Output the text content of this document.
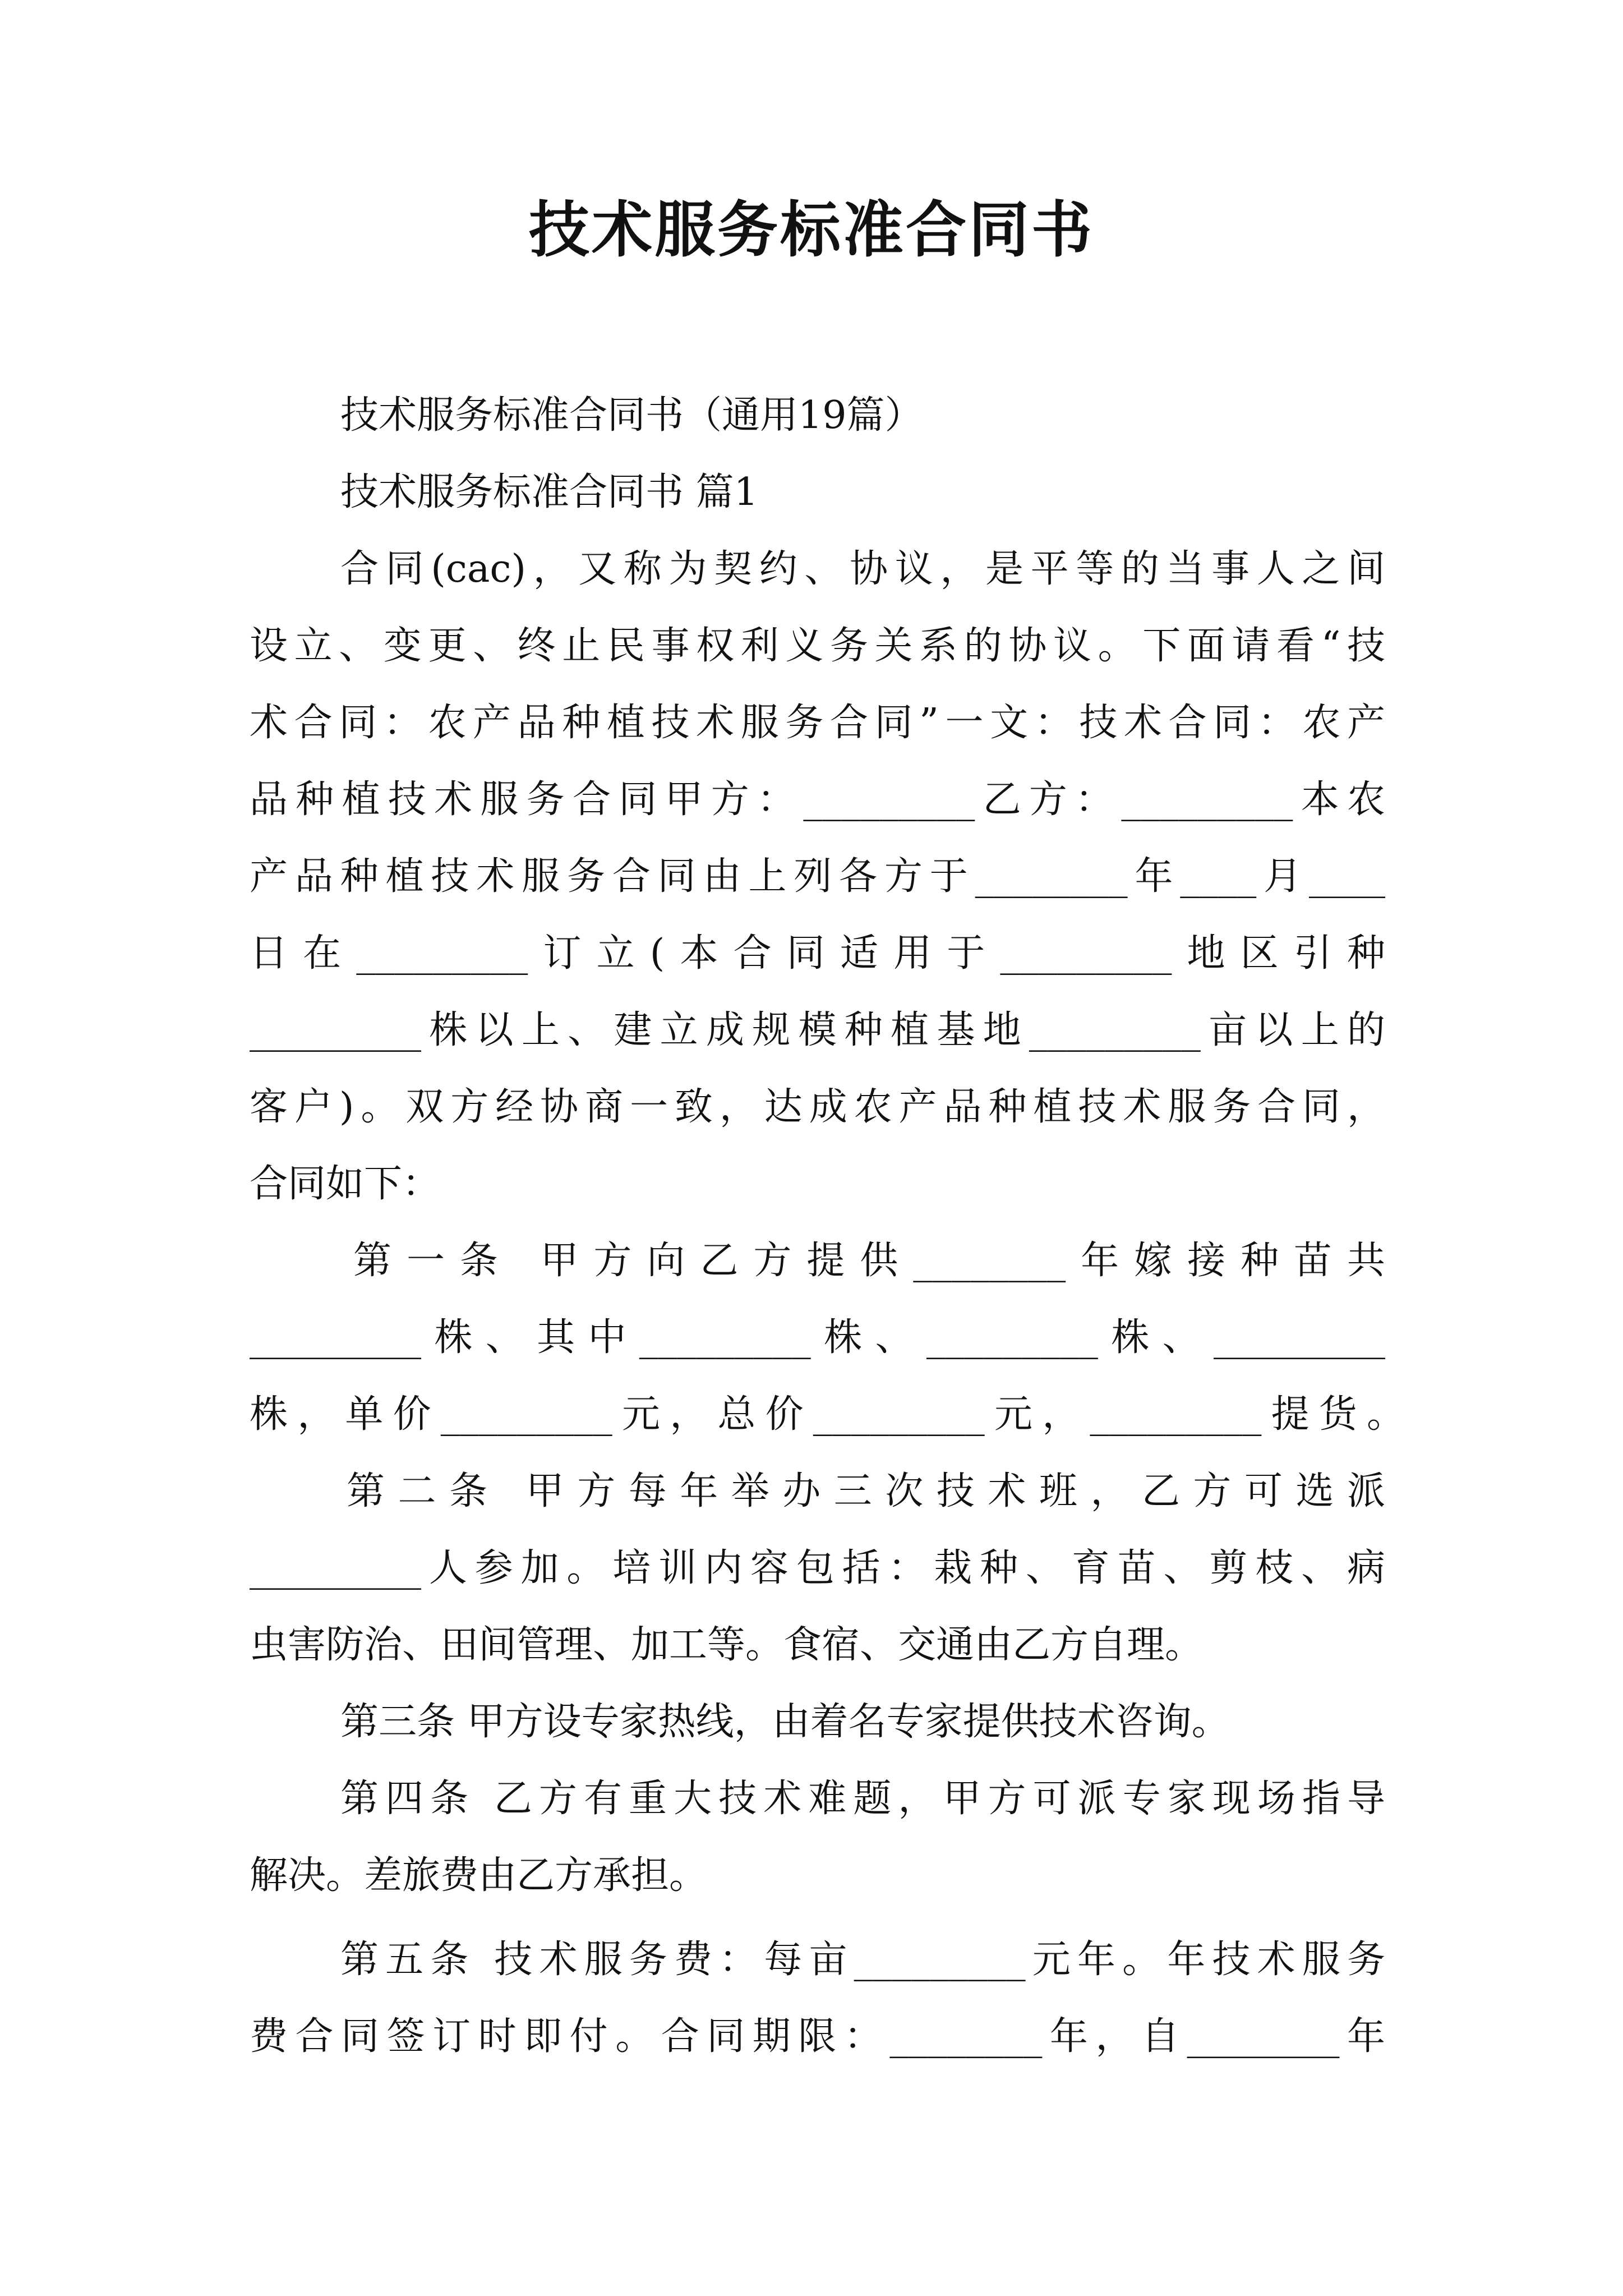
技术服务标准合同书
技术服务标准合同书（通用19篇）
技术服务标准合同书 篇1
合同(cac)，又称为契约、协议，是平等的当事人之间
设立、变更、终止民事权利义务关系的协议。下面请看“技
术合同：农产品种植技术服务合同”一文：技术合同：农产
品种植技术服务合同甲方：_________乙方：_________本农
产品种植技术服务合同由上列各方于________年____月____
日在_________订立(本合同适用于_________地区引种
_________株以上、建立成规模种植基地_________亩以上的
客户)。双方经协商一致，达成农产品种植技术服务合同，
合同如下：
第一条 甲方向乙方提供________年嫁接种苗共
_________株、其中_________株、_________株、_________
株，单价_________元，总价_________元，_________提货。
第二条 甲方每年举办三次技术班，乙方可选派
_________人参加。培训内容包括：栽种、育苗、剪枝、病
虫害防治、田间管理、加工等。食宿、交通由乙方自理。
第三条 甲方设专家热线，由着名专家提供技术咨询。
第四条 乙方有重大技术难题，甲方可派专家现场指导
解决。差旅费由乙方承担。
第五条 技术服务费：每亩_________元年。年技术服务
费合同签订时即付。合同期限：________年，自________年
